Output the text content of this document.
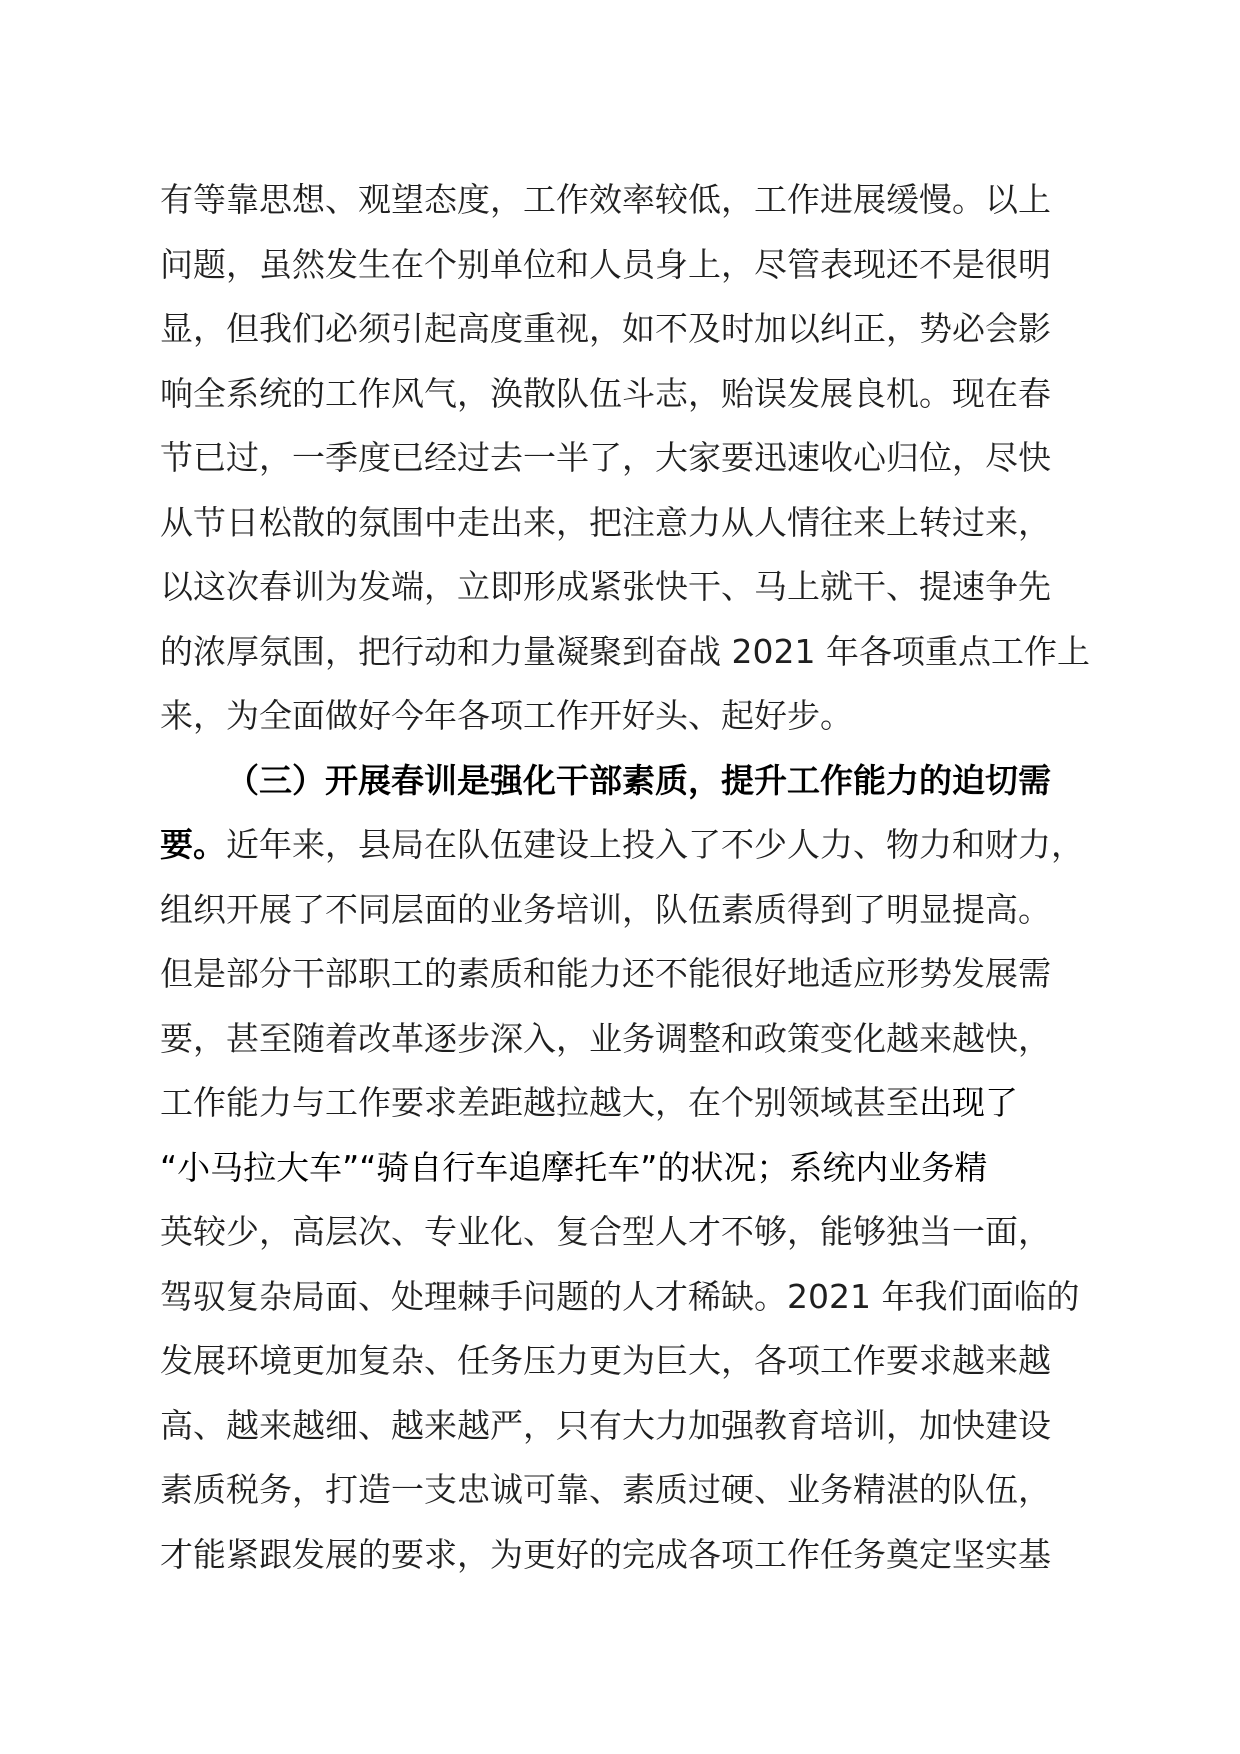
有等靠思想、观望态度，工作效率较低，工作进展缓慢。以上
问题，虽然发生在个别单位和人员身上，尽管表现还不是很明
显，但我们必须引起高度重视，如不及时加以纠正，势必会影
响全系统的工作风气，涣散队伍斗志，贻误发展良机。现在春
节已过，一季度已经过去一半了，大家要迅速收心归位，尽快
从节日松散的氛围中走出来，把注意力从人情往来上转过来，
以这次春训为发端，立即形成紧张快干、马上就干、提速争先
的浓厚氛围，把行动和力量凝聚到奋战 2021 年各项重点工作上
来，为全面做好今年各项工作开好头、起好步。
（三）开展春训是强化干部素质，提升工作能力的迫切需
要。近年来，县局在队伍建设上投入了不少人力、物力和财力，
组织开展了不同层面的业务培训，队伍素质得到了明显提高。
但是部分干部职工的素质和能力还不能很好地适应形势发展需
要，甚至随着改革逐步深入，业务调整和政策变化越来越快，
工作能力与工作要求差距越拉越大，在个别领域甚至出现了
“小马拉大车”“骑自行车追摩托车”的状况；系统内业务精
英较少，高层次、专业化、复合型人才不够，能够独当一面，
驾驭复杂局面、处理棘手问题的人才稀缺。2021 年我们面临的
发展环境更加复杂、任务压力更为巨大，各项工作要求越来越
高、越来越细、越来越严，只有大力加强教育培训，加快建设
素质税务，打造一支忠诚可靠、素质过硬、业务精湛的队伍，
才能紧跟发展的要求，为更好的完成各项工作任务奠定坚实基
